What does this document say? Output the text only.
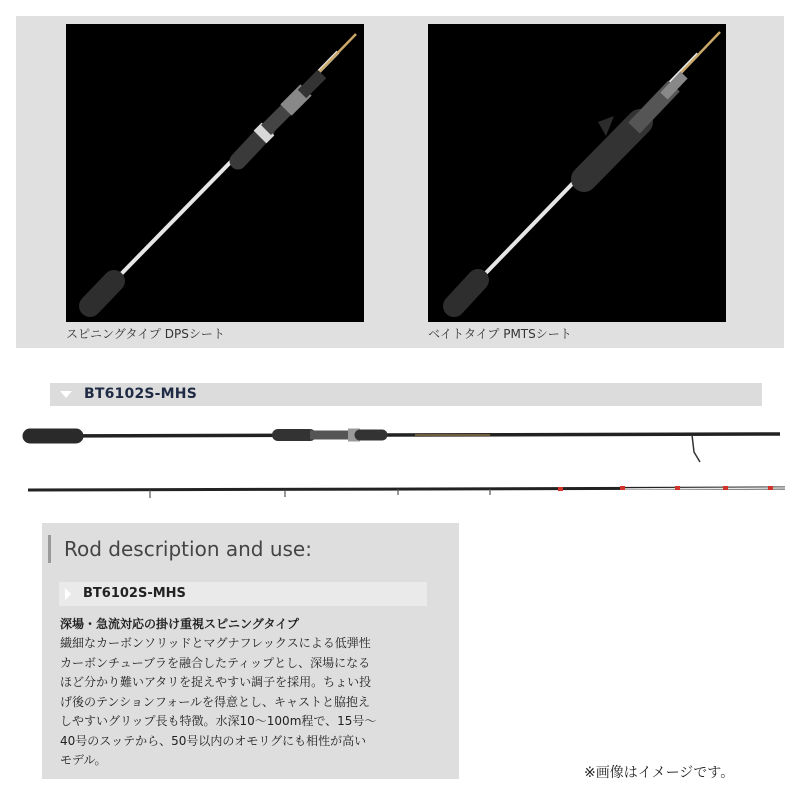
スピニングタイプ DPSシート	ベイトタイプ PMTSシート
BT6102S-MHS
Rod description and use:
BT6102S-MHS
深場・急流対応の掛け重視スピニングタイプ
繊細なカーボンソリッドとマグナフレックスによる低弾性
カーボンチューブラを融合したティップとし、深場になる
ほど分かり難いアタリを捉えやすい調子を採用。ちょい投
げ後のテンションフォールを得意とし、キャストと脇抱え
しやすいグリップ長も特徴。水深10～100m程で、15号～
40号のスッテから、50号以内のオモリグにも相性が高い
モデル。
※画像はイメージです。
